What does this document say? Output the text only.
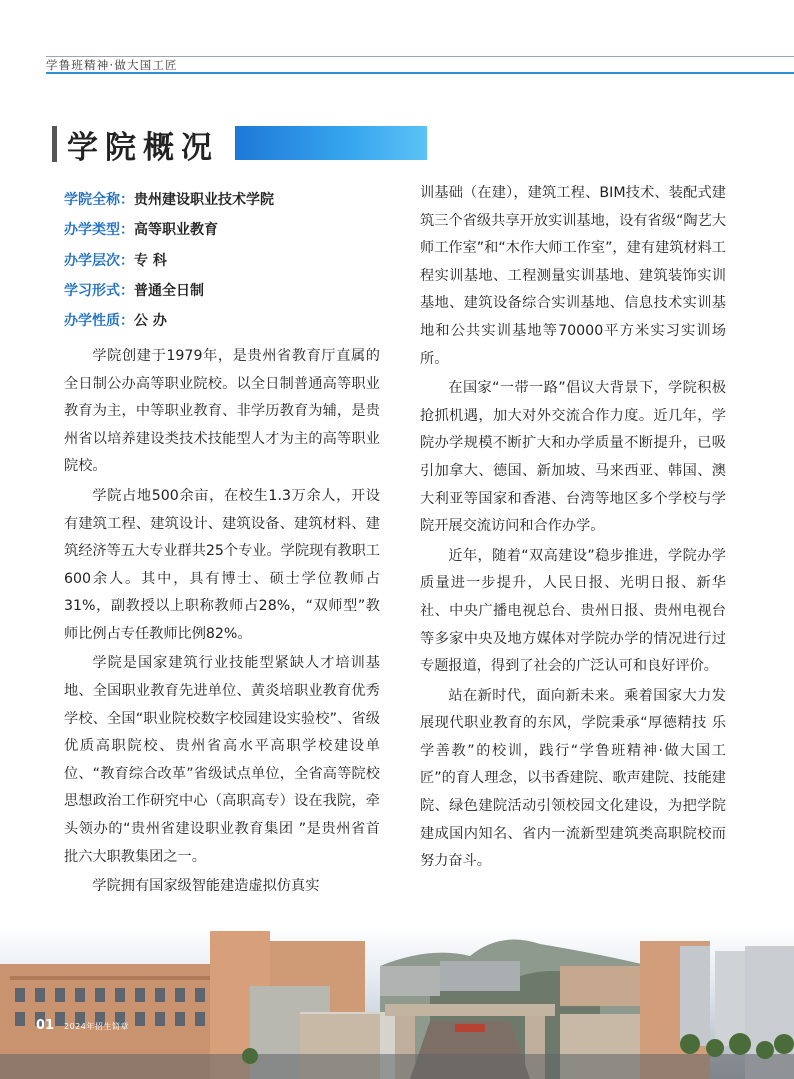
学鲁班精神·做大国工匠
学院概况
学院全称： 贵州建设职业技术学院
办学类型： 高等职业教育
办学层次： 专 科
学习形式： 普通全日制
办学性质： 公 办

学院创建于1979年，是贵州省教育厅直属的全日制公办高等职业院校。以全日制普通高等职业教育为主，中等职业教育、非学历教育为辅，是贵州省以培养建设类技术技能型人才为主的高等职业院校。

学院占地500余亩，在校生1.3万余人，开设有建筑工程、建筑设计、建筑设备、建筑材料、建筑经济等五大专业群共25个专业。学院现有教职工600余人。其中，具有博士、硕士学位教师占31%，副教授以上职称教师占28%，“双师型”教师比例占专任教师比例82%。

学院是国家建筑行业技能型紧缺人才培训基地、全国职业教育先进单位、黄炎培职业教育优秀学校、全国“职业院校数字校园建设实验校”、省级优质高职院校、贵州省高水平高职学校建设单位、“教育综合改革”省级试点单位，全省高等院校思想政治工作研究中心（高职高专）设在我院，牵头领办的“贵州省建设职业教育集团 ”是贵州省首批六大职教集团之一。

学院拥有国家级智能建造虚拟仿真实

训基础（在建），建筑工程、BIM技术、装配式建筑三个省级共享开放实训基地，设有省级“陶艺大师工作室”和“木作大师工作室”，建有建筑材料工程实训基地、工程测量实训基地、建筑装饰实训基地、建筑设备综合实训基地、信息技术实训基地和公共实训基地等70000平方米实习实训场所。

在国家“一带一路”倡议大背景下，学院积极抢抓机遇，加大对外交流合作力度。近几年，学院办学规模不断扩大和办学质量不断提升，已吸引加拿大、德国、新加坡、马来西亚、韩国、澳大利亚等国家和香港、台湾等地区多个学校与学院开展交流访问和合作办学。

近年，随着“双高建设”稳步推进，学院办学质量进一步提升，人民日报、光明日报、新华社、中央广播电视总台、贵州日报、贵州电视台等多家中央及地方媒体对学院办学的情况进行过专题报道，得到了社会的广泛认可和良好评价。

站在新时代，面向新未来。乘着国家大力发展现代职业教育的东风，学院秉承“厚德精技 乐学善教”的校训，践行“学鲁班精神·做大国工匠”的育人理念，以书香建院、歌声建院、技能建院、绿色建院活动引领校园文化建设，为把学院建成国内知名、省内一流新型建筑类高职院校而努力奋斗。

01 2024年招生简章
